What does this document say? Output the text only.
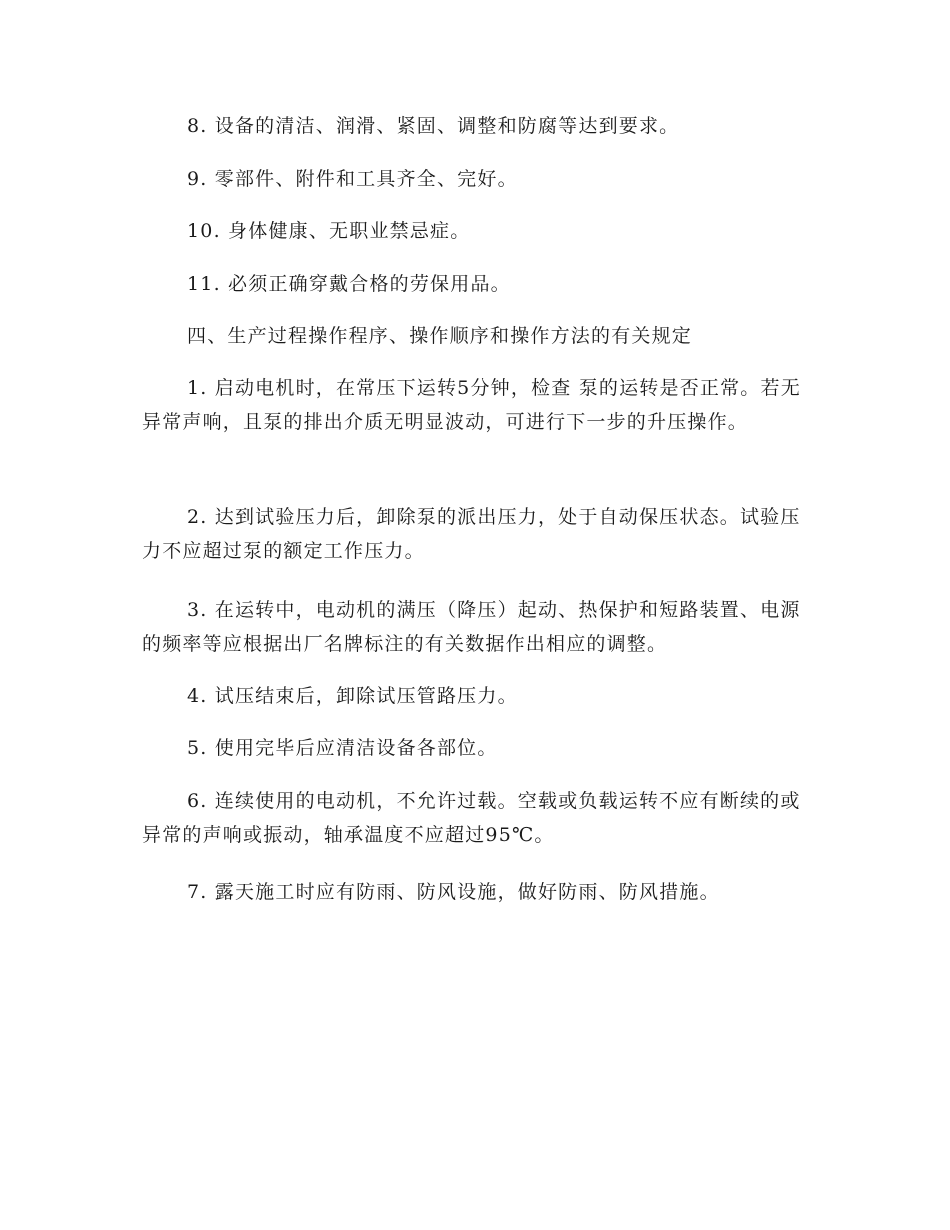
8. 设备的清洁、润滑、紧固、调整和防腐等达到要求。

9. 零部件、附件和工具齐全、完好。

10. 身体健康、无职业禁忌症。

11. 必须正确穿戴合格的劳保用品。

四、生产过程操作程序、操作顺序和操作方法的有关规定

1. 启动电机时，在常压下运转5分钟，检查 泵的运转是否正常。若无异常声响，且泵的排出介质无明显波动，可进行下一步的升压操作。

2. 达到试验压力后，卸除泵的派出压力，处于自动保压状态。试验压力不应超过泵的额定工作压力。

3. 在运转中，电动机的满压（降压）起动、热保护和短路装置、电源的频率等应根据出厂名牌标注的有关数据作出相应的调整。

4. 试压结束后，卸除试压管路压力。

5. 使用完毕后应清洁设备各部位。

6. 连续使用的电动机，不允许过载。空载或负载运转不应有断续的或异常的声响或振动，轴承温度不应超过95℃。

7. 露天施工时应有防雨、防风设施，做好防雨、防风措施。
